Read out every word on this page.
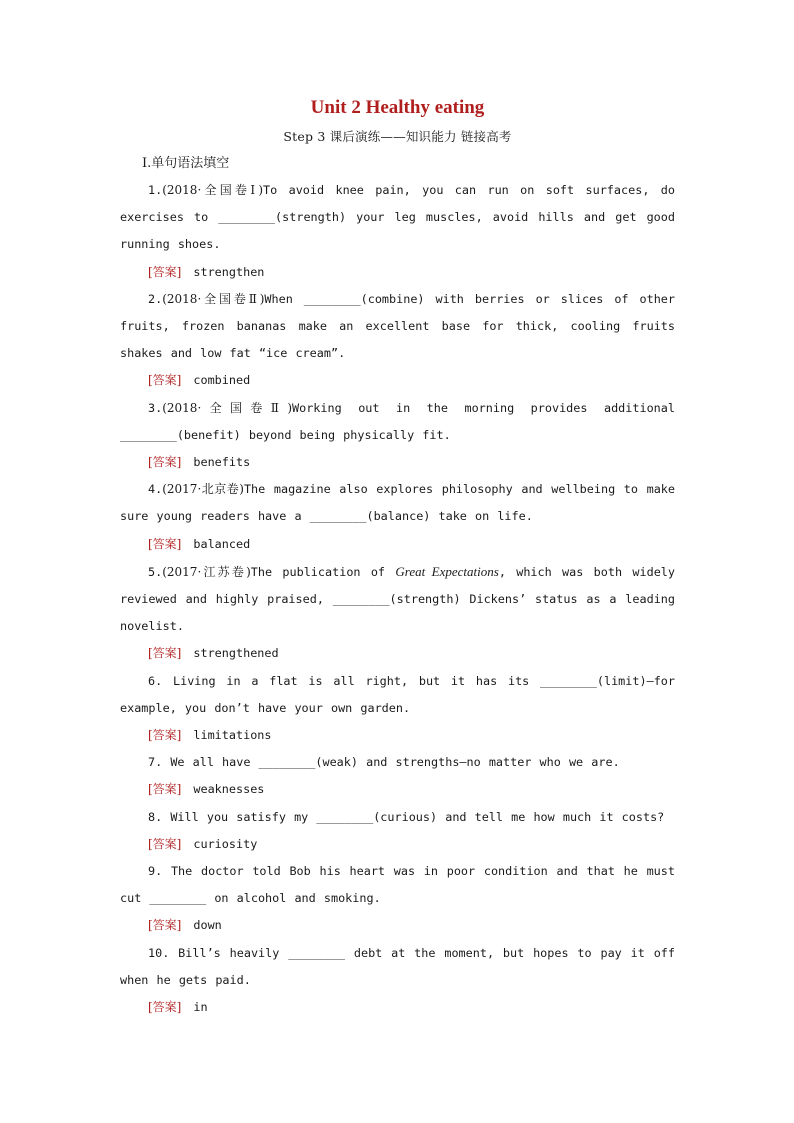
Unit 2 Healthy eating

Step 3 课后演练——知识能力 链接高考

Ⅰ.单句语法填空

1.(2018·全国卷Ⅰ)To avoid knee pain, you can run on soft surfaces, do exercises to ________(strength) your leg muscles, avoid hills and get good running shoes.

[答案] strengthen

2.(2018·全国卷Ⅱ)When ________(combine) with berries or slices of other fruits, frozen bananas make an excellent base for thick, cooling fruits shakes and low fat “ice cream”.

[答案] combined

3.(2018·全国卷Ⅱ)Working out in the morning provides additional ________(benefit) beyond being physically fit.

[答案] benefits

4.(2017·北京卷)The magazine also explores philosophy and wellbeing to make sure young readers have a ________(balance) take on life.

[答案] balanced

5.(2017·江苏卷)The publication of Great Expectations, which was both widely reviewed and highly praised, ________(strength) Dickens’ status as a leading novelist.

[答案] strengthened

6. Living in a flat is all right, but it has its ________(limit)—for example, you don’t have your own garden.

[答案] limitations

7. We all have ________(weak) and strengths—no matter who we are.

[答案] weaknesses

8. Will you satisfy my ________(curious) and tell me how much it costs?

[答案] curiosity

9. The doctor told Bob his heart was in poor condition and that he must cut ________ on alcohol and smoking.

[答案] down

10. Bill’s heavily ________ debt at the moment, but hopes to pay it off when he gets paid.

[答案] in
